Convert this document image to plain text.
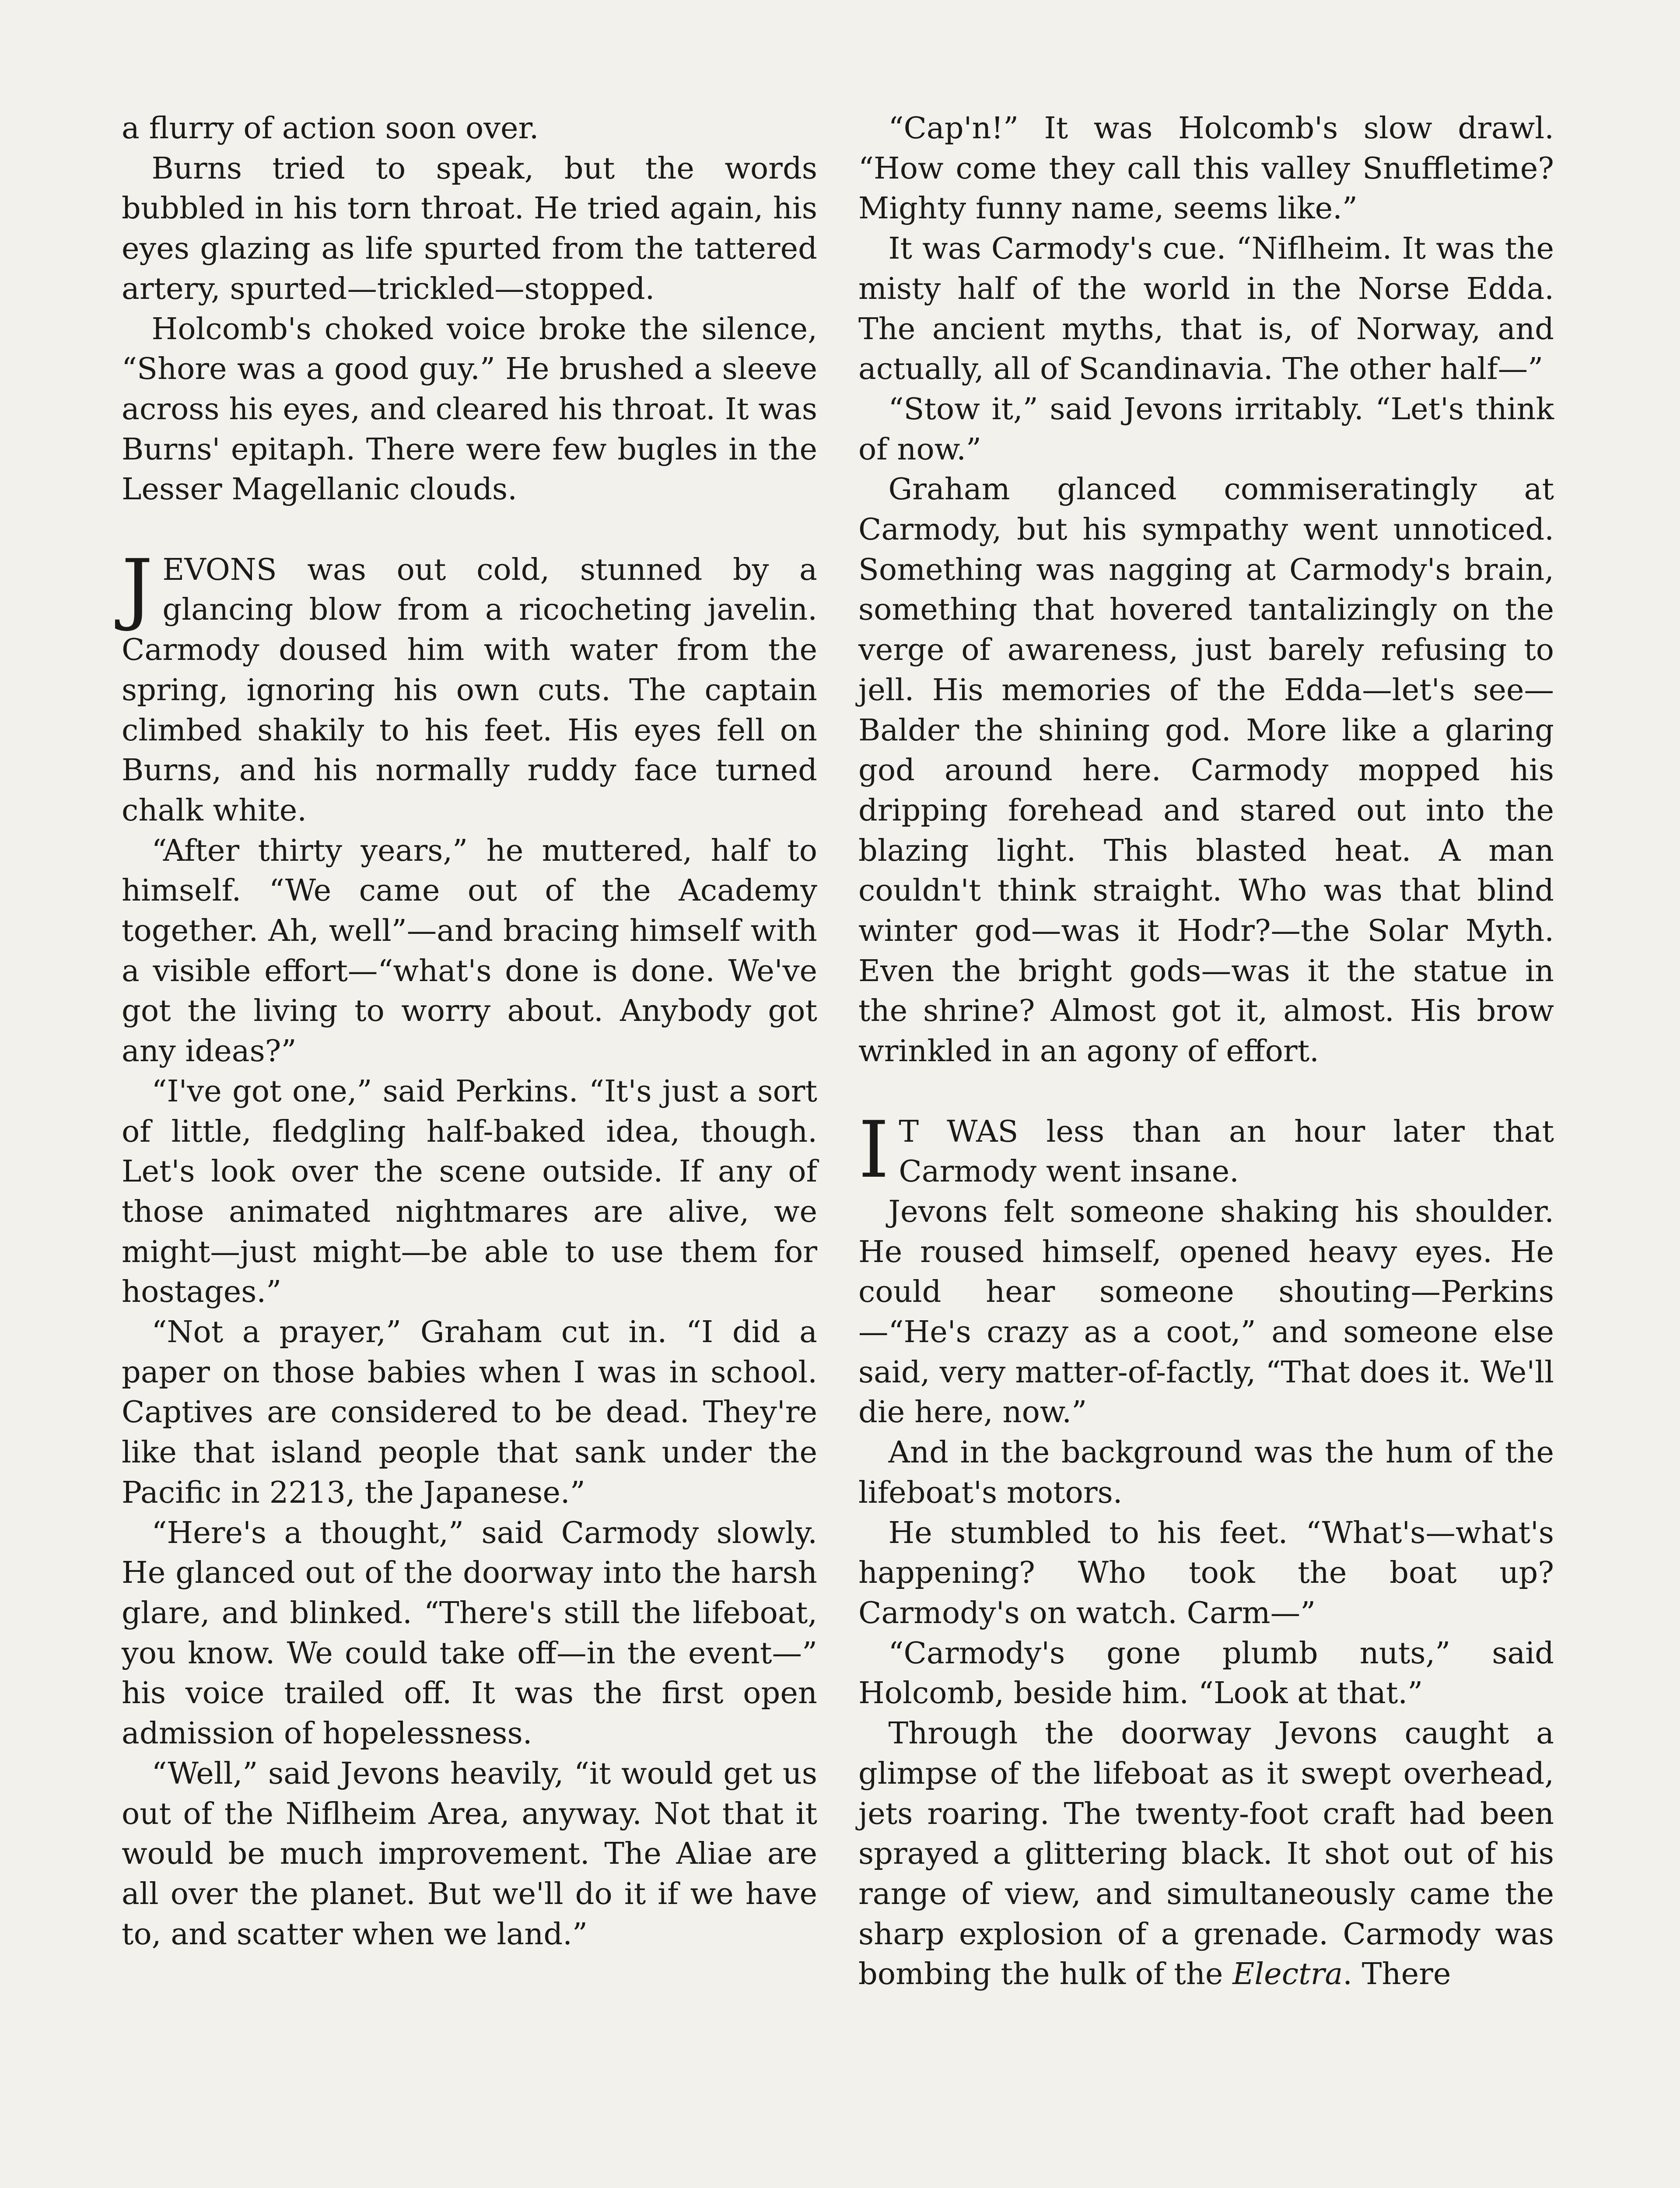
a flurry of action soon over.

Burns tried to speak, but the words bubbled in his torn throat. He tried again, his eyes glazing as life spurted from the tattered artery, spurted—trickled—stopped.

Holcomb's choked voice broke the silence, “Shore was a good guy.” He brushed a sleeve across his eyes, and cleared his throat. It was Burns' epitaph. There were few bugles in the Lesser Magellanic clouds.

JEVONS was out cold, stunned by a glancing blow from a ricocheting javelin. Carmody doused him with water from the spring, ignoring his own cuts. The captain climbed shakily to his feet. His eyes fell on Burns, and his normally ruddy face turned chalk white.

“After thirty years,” he muttered, half to himself. “We came out of the Academy together. Ah, well”—and bracing himself with a visible effort—“what's done is done. We've got the living to worry about. Anybody got any ideas?”

“I've got one,” said Perkins. “It's just a sort of little, fledgling half-baked idea, though. Let's look over the scene outside. If any of those animated nightmares are alive, we might—just might—be able to use them for hostages.”

“Not a prayer,” Graham cut in. “I did a paper on those babies when I was in school. Captives are considered to be dead. They're like that island people that sank under the Pacific in 2213, the Japanese.”

“Here's a thought,” said Carmody slowly. He glanced out of the doorway into the harsh glare, and blinked. “There's still the lifeboat, you know. We could take off—in the event—” his voice trailed off. It was the first open admission of hopelessness.

“Well,” said Jevons heavily, “it would get us out of the Niflheim Area, anyway. Not that it would be much improvement. The Aliae are all over the planet. But we'll do it if we have to, and scatter when we land.”

“Cap'n!” It was Holcomb's slow drawl. “How come they call this valley Snuffletime? Mighty funny name, seems like.”

It was Carmody's cue. “Niflheim. It was the misty half of the world in the Norse Edda. The ancient myths, that is, of Norway, and actually, all of Scandinavia. The other half—”

“Stow it,” said Jevons irritably. “Let's think of now.”

Graham glanced commiseratingly at Carmody, but his sympathy went unnoticed. Something was nagging at Carmody's brain, something that hovered tantalizingly on the verge of awareness, just barely refusing to jell. His memories of the Edda—let's see—Balder the shining god. More like a glaring god around here. Carmody mopped his dripping forehead and stared out into the blazing light. This blasted heat. A man couldn't think straight. Who was that blind winter god—was it Hodr?—the Solar Myth. Even the bright gods—was it the statue in the shrine? Almost got it, almost. His brow wrinkled in an agony of effort.

I T WAS less than an hour later that Carmody went insane.

Jevons felt someone shaking his shoulder. He roused himself, opened heavy eyes. He could hear someone shouting—Perkins—“He's crazy as a coot,” and someone else said, very matter-of-factly, “That does it. We'll die here, now.”

And in the background was the hum of the lifeboat's motors.

He stumbled to his feet. “What's—what's happening? Who took the boat up? Carmody's on watch. Carm—”

“Carmody's gone plumb nuts,” said Holcomb, beside him. “Look at that.”

Through the doorway Jevons caught a glimpse of the lifeboat as it swept overhead, jets roaring. The twenty-foot craft had been sprayed a glittering black. It shot out of his range of view, and simultaneously came the sharp explosion of a grenade. Carmody was bombing the hulk of the Electra. There
